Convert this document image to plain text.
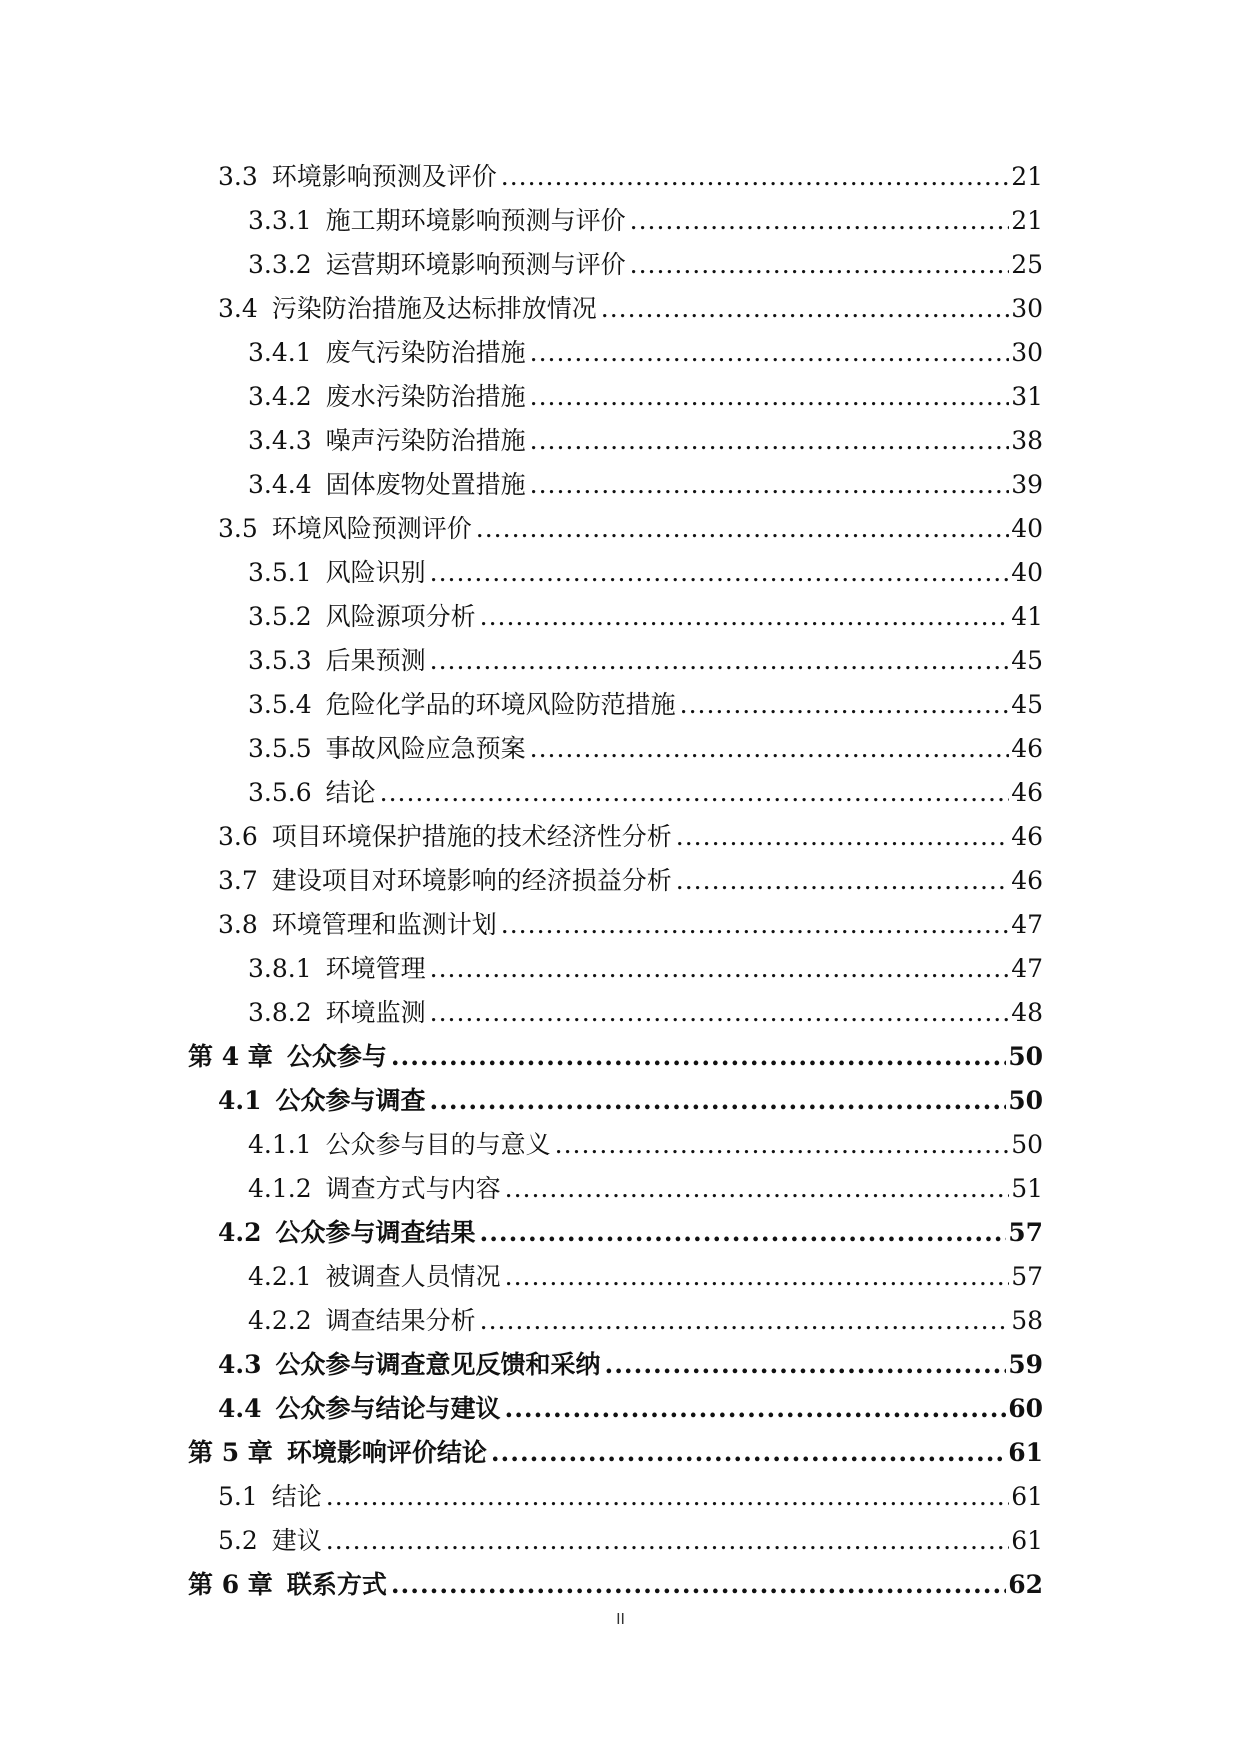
3.3 环境影响预测及评价 .....	21
3.3.1 施工期环境影响预测与评价 .....	21
3.3.2 运营期环境影响预测与评价 .....	25
3.4 污染防治措施及达标排放情况 .....	30
3.4.1 废气污染防治措施 .....	30
3.4.2 废水污染防治措施 .....	31
3.4.3 噪声污染防治措施 .....	38
3.4.4 固体废物处置措施 .....	39
3.5 环境风险预测评价 .....	40
3.5.1 风险识别 .....	40
3.5.2 风险源项分析 .....	41
3.5.3 后果预测 .....	45
3.5.4 危险化学品的环境风险防范措施 .....	45
3.5.5 事故风险应急预案 .....	46
3.5.6 结论 .....	46
3.6 项目环境保护措施的技术经济性分析 .....	46
3.7 建设项目对环境影响的经济损益分析 .....	46
3.8 环境管理和监测计划 .....	47
3.8.1 环境管理 .....	47
3.8.2 环境监测 .....	48
第 4 章 公众参与 .....	50
4.1 公众参与调查 .....	50
4.1.1 公众参与目的与意义 .....	50
4.1.2 调查方式与内容 .....	51
4.2 公众参与调查结果 .....	57
4.2.1 被调查人员情况 .....	57
4.2.2 调查结果分析 .....	58
4.3 公众参与调查意见反馈和采纳 .....	59
4.4 公众参与结论与建议 .....	60
第 5 章 环境影响评价结论 .....	61
5.1 结论 .....	61
5.2 建议 .....	61
第 6 章 联系方式 .....	62
II
